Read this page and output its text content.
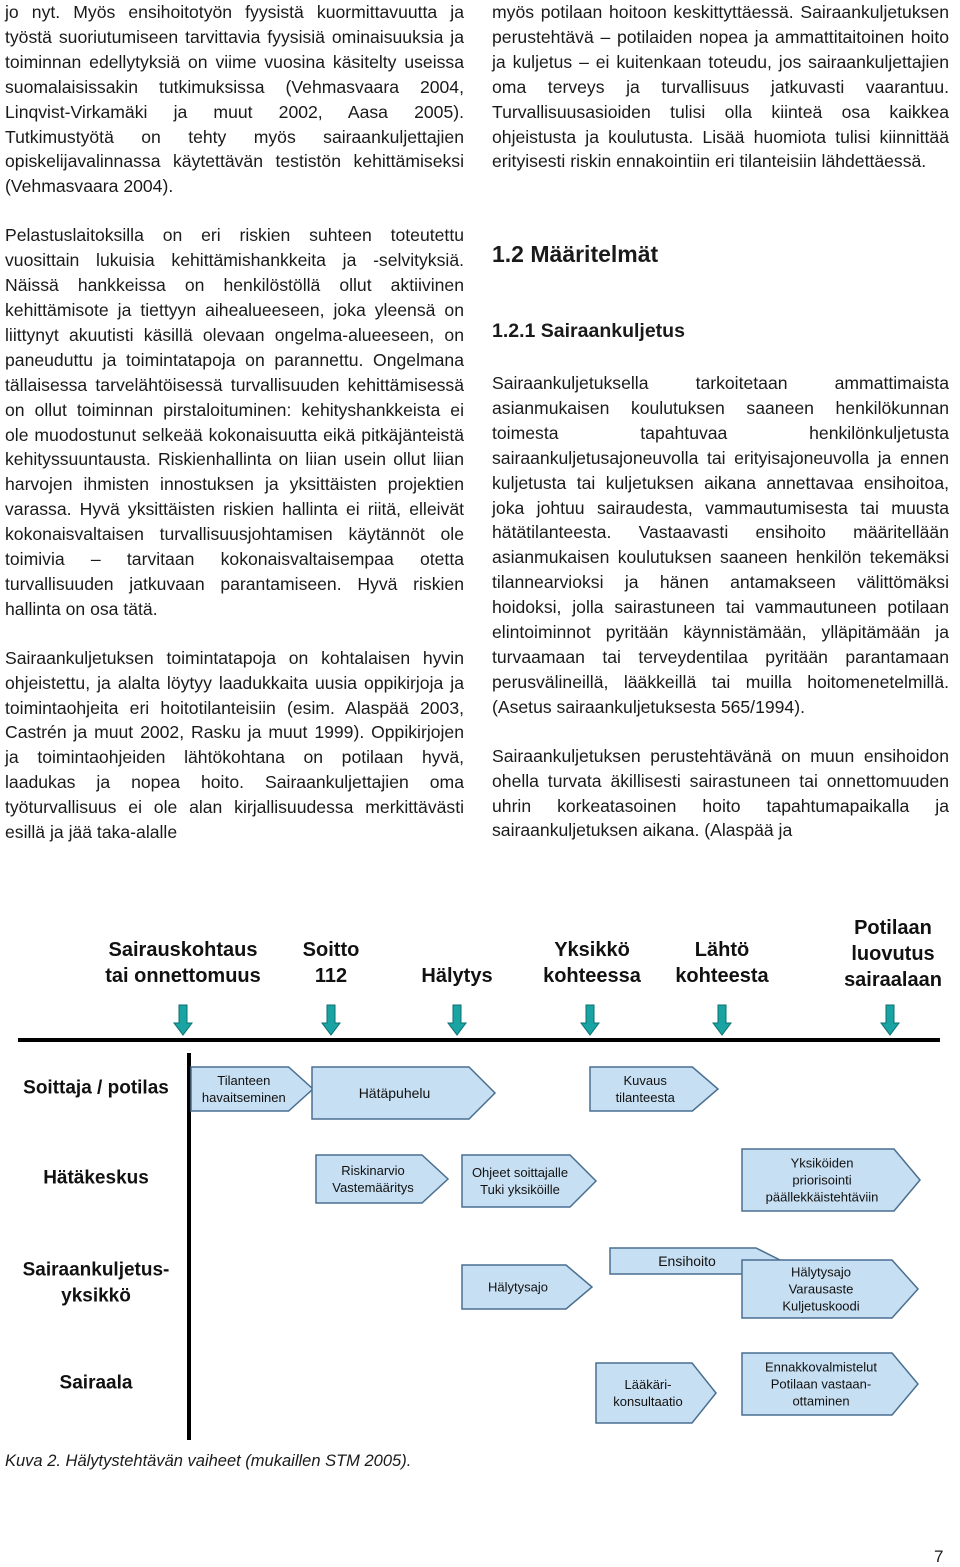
jo nyt. Myös ensihoitotyön fyysistä kuormittavuutta ja työstä suoriutumiseen tarvittavia fyysisiä ominaisuuksia ja toiminnan edellytyksiä on viime vuosina käsitelty useissa suomalaisissakin tutkimuksissa (Vehmasvaara 2004, Linqvist-Virkamäki ja muut 2002, Aasa 2005). Tutkimustyötä on tehty myös sairaankuljettajien opiskelijavalinnassa käytettävän testistön kehittämiseksi (Vehmasvaara 2004).

Pelastuslaitoksilla on eri riskien suhteen toteutettu vuosittain lukuisia kehittämishankkeita ja -selvityksiä. Näissä hankkeissa on henkilöstöllä ollut aktiivinen kehittämisote ja tiettyyn aihealueeseen, joka yleensä on liittynyt akuutisti käsillä olevaan ongelma-alueeseen, on paneuduttu ja toimintatapoja on parannettu. Ongelmana tällaisessa tarvelähtöisessä turvallisuuden kehittämisessä on ollut toiminnan pirstaloituminen: kehityshankkeista ei ole muodostunut selkeää kokonaisuutta eikä pitkäjänteistä kehityssuuntausta. Riskienhallinta on liian usein ollut liian harvojen ihmisten innostuksen ja yksittäisten projektien varassa. Hyvä yksittäisten riskien hallinta ei riitä, elleivät kokonaisvaltaisen turvallisuusjohtamisen käytännöt ole toimivia – tarvitaan kokonaisvaltaisempaa otetta turvallisuuden jatkuvaan parantamiseen. Hyvä riskien hallinta on osa tätä.

Sairaankuljetuksen toimintatapoja on kohtalaisen hyvin ohjeistettu, ja alalta löytyy laadukkaita uusia oppikirjoja ja toimintaohjeita eri hoitotilanteisiin (esim. Alaspää 2003, Castrén ja muut 2002, Rasku ja muut 1999). Oppikirjojen ja toimintaohjeiden lähtökohtana on potilaan hyvä, laadukas ja nopea hoito. Sairaankuljettajien oma työturvallisuus ei ole alan kirjallisuudessa merkittävästi esillä ja jää taka-alalle

myös potilaan hoitoon keskittyttäessä. Sairaankuljetuksen perustehtävä – potilaiden nopea ja ammattitaitoinen hoito ja kuljetus – ei kuitenkaan toteudu, jos sairaankuljettajien oma terveys ja turvallisuus jatkuvasti vaarantuu. Turvallisuusasioiden tulisi olla kiinteä osa kaikkea ohjeistusta ja koulutusta. Lisää huomiota tulisi kiinnittää erityisesti riskin ennakointiin eri tilanteisiin lähdettäessä.

1.2 Määritelmät

1.2.1 Sairaankuljetus

Sairaankuljetuksella tarkoitetaan ammattimaista asianmukaisen koulutuksen saaneen henkilökunnan toimesta tapahtuvaa henkilönkuljetusta sairaankuljetusajoneuvolla tai erityisajoneuvolla ja ennen kuljetusta tai kuljetuksen aikana annettavaa ensihoitoa, joka johtuu sairaudesta, vammautumisesta tai muusta hätätilanteesta. Vastaavasti ensihoito määritellään asianmukaisen koulutuksen saaneen henkilön tekemäksi tilannearvioksi ja hänen antamakseen välittömäksi hoidoksi, jolla sairastuneen tai vammautuneen potilaan elintoiminnot pyritään käynnistämään, ylläpitämään ja turvaamaan tai terveydentilaa pyritään parantamaan perusvälineillä, lääkkeillä tai muilla hoitomenetelmillä. (Asetus sairaankuljetuksesta 565/1994).

Sairaankuljetuksen perustehtävänä on muun ensihoidon ohella turvata äkillisesti sairastuneen tai onnettomuuden uhrin korkeatasoinen hoito tapahtumapaikalla ja sairaankuljetuksen aikana. (Alaspää ja

Sairauskohtaus tai onnettomuus
Soitto 112	Hälytys
Yksikkö kohteessa
Lähtö kohteesta
Potilaan luovutus sairaalaan
Soittaja / potilas
Hätäkeskus
Sairaankuljetus-yksikkö
Sairaala
Tilanteen havaitseminen	Hätäpuhelu
Kuvaus tilanteesta
Riskinarvio Vastemääritys
Ohjeet soittajalle Tuki yksiköille
Yksiköiden priorisointi päällekkäistehtäviin
Ensihoito
Hälytysajo
Hälytysajo Varausaste Kuljetuskoodi
Lääkäri-konsultaatio
Ennakkovalmistelut Potilaan vastaan-ottaminen

Kuva 2. Hälytystehtävän vaiheet (mukaillen STM 2005).

7
